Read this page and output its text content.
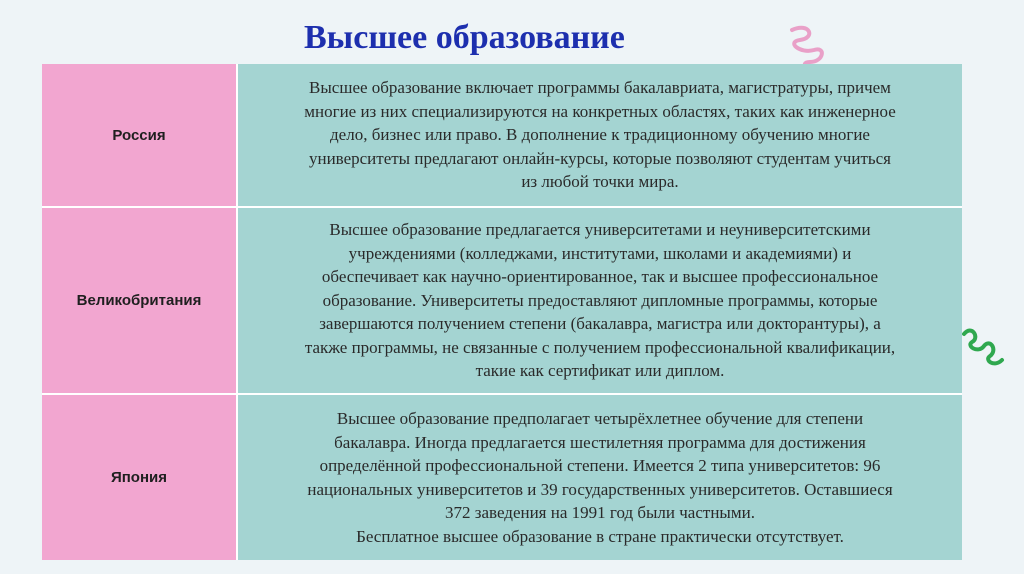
Высшее образование
Россия
Высшее образование включает программы бакалавриата, магистратуры, причем
многие из них специализируются на конкретных областях, таких как инженерное
дело, бизнес или право. В дополнение к традиционному обучению многие
университеты предлагают онлайн-курсы, которые позволяют студентам учиться
из любой точки мира.
Великобритания
Высшее образование предлагается университетами и неуниверситетскими
учреждениями (колледжами, институтами, школами и академиями) и
обеспечивает как научно-ориентированное, так и высшее профессиональное
образование. Университеты предоставляют дипломные программы, которые
завершаются получением степени (бакалавра, магистра или докторантуры), а
также программы, не связанные с получением профессиональной квалификации,
такие как сертификат или диплом.
Япония
Высшее образование предполагает четырёхлетнее обучение для степени
бакалавра. Иногда предлагается шестилетняя программа для достижения
определённой профессиональной степени. Имеется 2 типа университетов: 96
национальных университетов и 39 государственных университетов. Оставшиеся
372 заведения на 1991 год были частными.
Бесплатное высшее образование в стране практически отсутствует.
